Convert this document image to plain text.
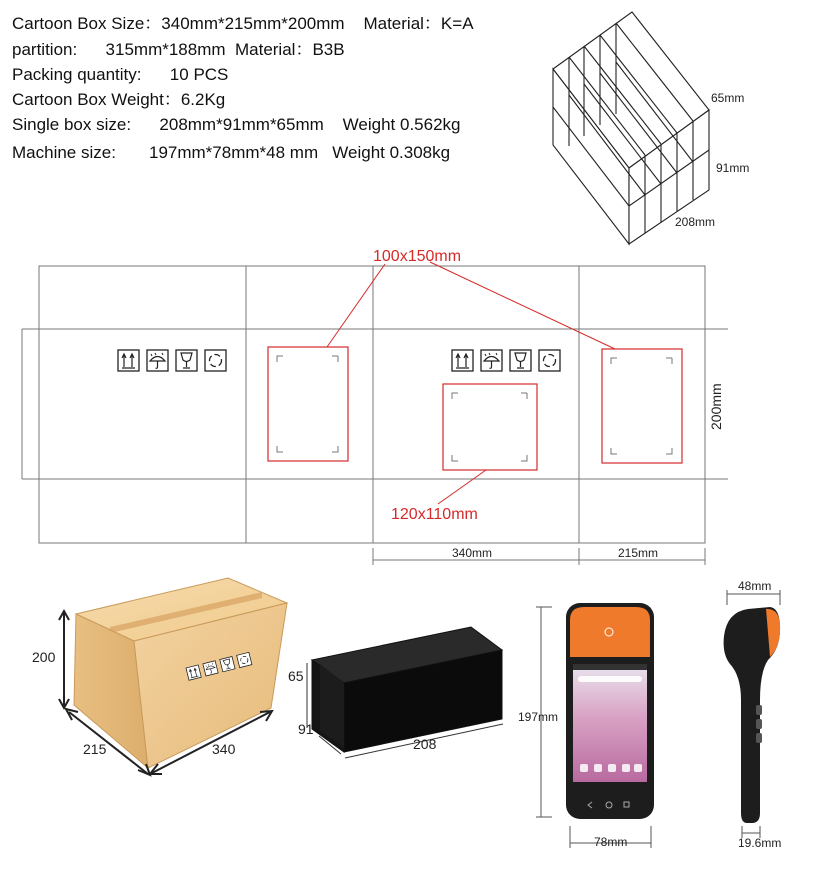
Cartoon Box Size：340mm*215mm*200mm    Material：K=A
partition:      315mm*188mm  Material：B3B
Packing quantity:      10 PCS
Cartoon Box Weight：6.2Kg
Single box size:      208mm*91mm*65mm    Weight 0.562kg
Machine size:       197mm*78mm*48 mm   Weight 0.308kg
65mm
91mm
208mm
100x150mm
120x110mm
200mm
340mm	215mm
200
215	340
65
91
208
197mm
78mm
48mm
19.6mm
